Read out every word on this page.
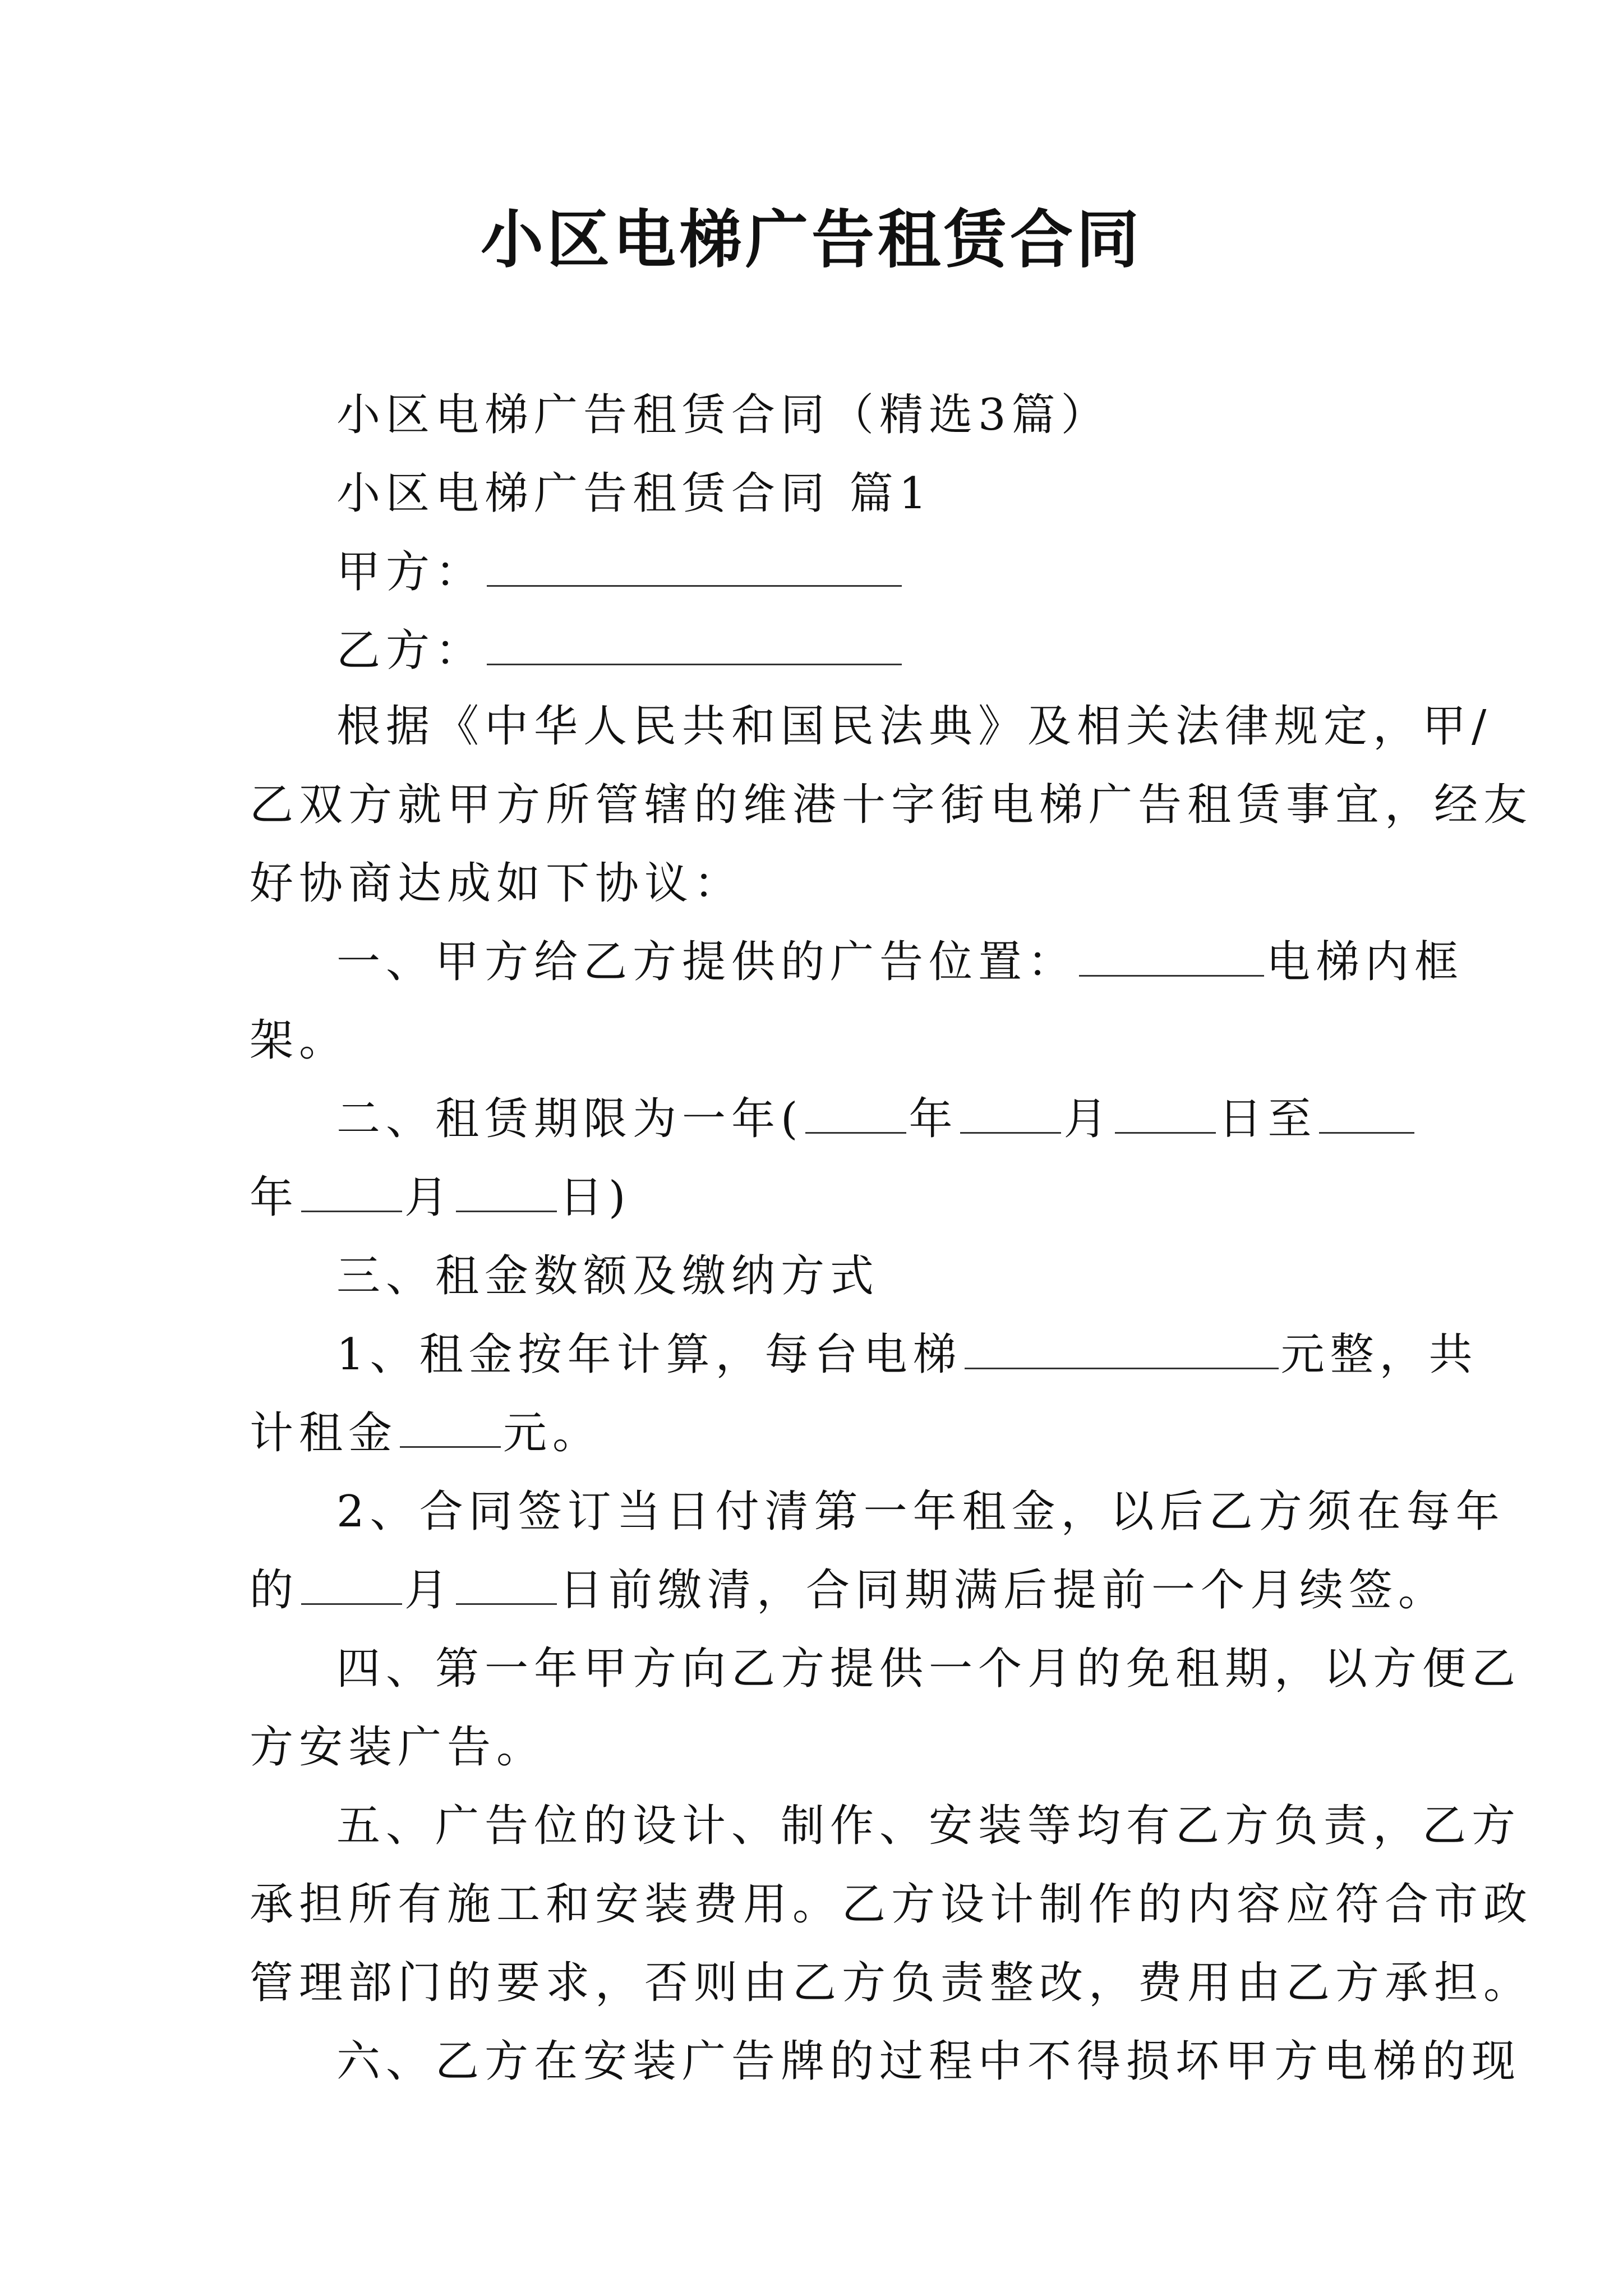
小区电梯广告租赁合同
小区电梯广告租赁合同（精选3篇）
小区电梯广告租赁合同 篇1
甲方：
乙方：
根据《中华人民共和国民法典》及相关法律规定，甲/
乙双方就甲方所管辖的维港十字街电梯广告租赁事宜，经友
好协商达成如下协议：
一、甲方给乙方提供的广告位置：	电梯内框
架。
二、租赁期限为一年( 年 月 日至
年 月 日)
三、租金数额及缴纳方式
1、租金按年计算，每台电梯	元整，共
计租金 元。
2、合同签订当日付清第一年租金，以后乙方须在每年
的 月 日前缴清，合同期满后提前一个月续签。
四、第一年甲方向乙方提供一个月的免租期，以方便乙
方安装广告。
五、广告位的设计、制作、安装等均有乙方负责，乙方
承担所有施工和安装费用。乙方设计制作的内容应符合市政
管理部门的要求，否则由乙方负责整改，费用由乙方承担。
六、乙方在安装广告牌的过程中不得损坏甲方电梯的现
